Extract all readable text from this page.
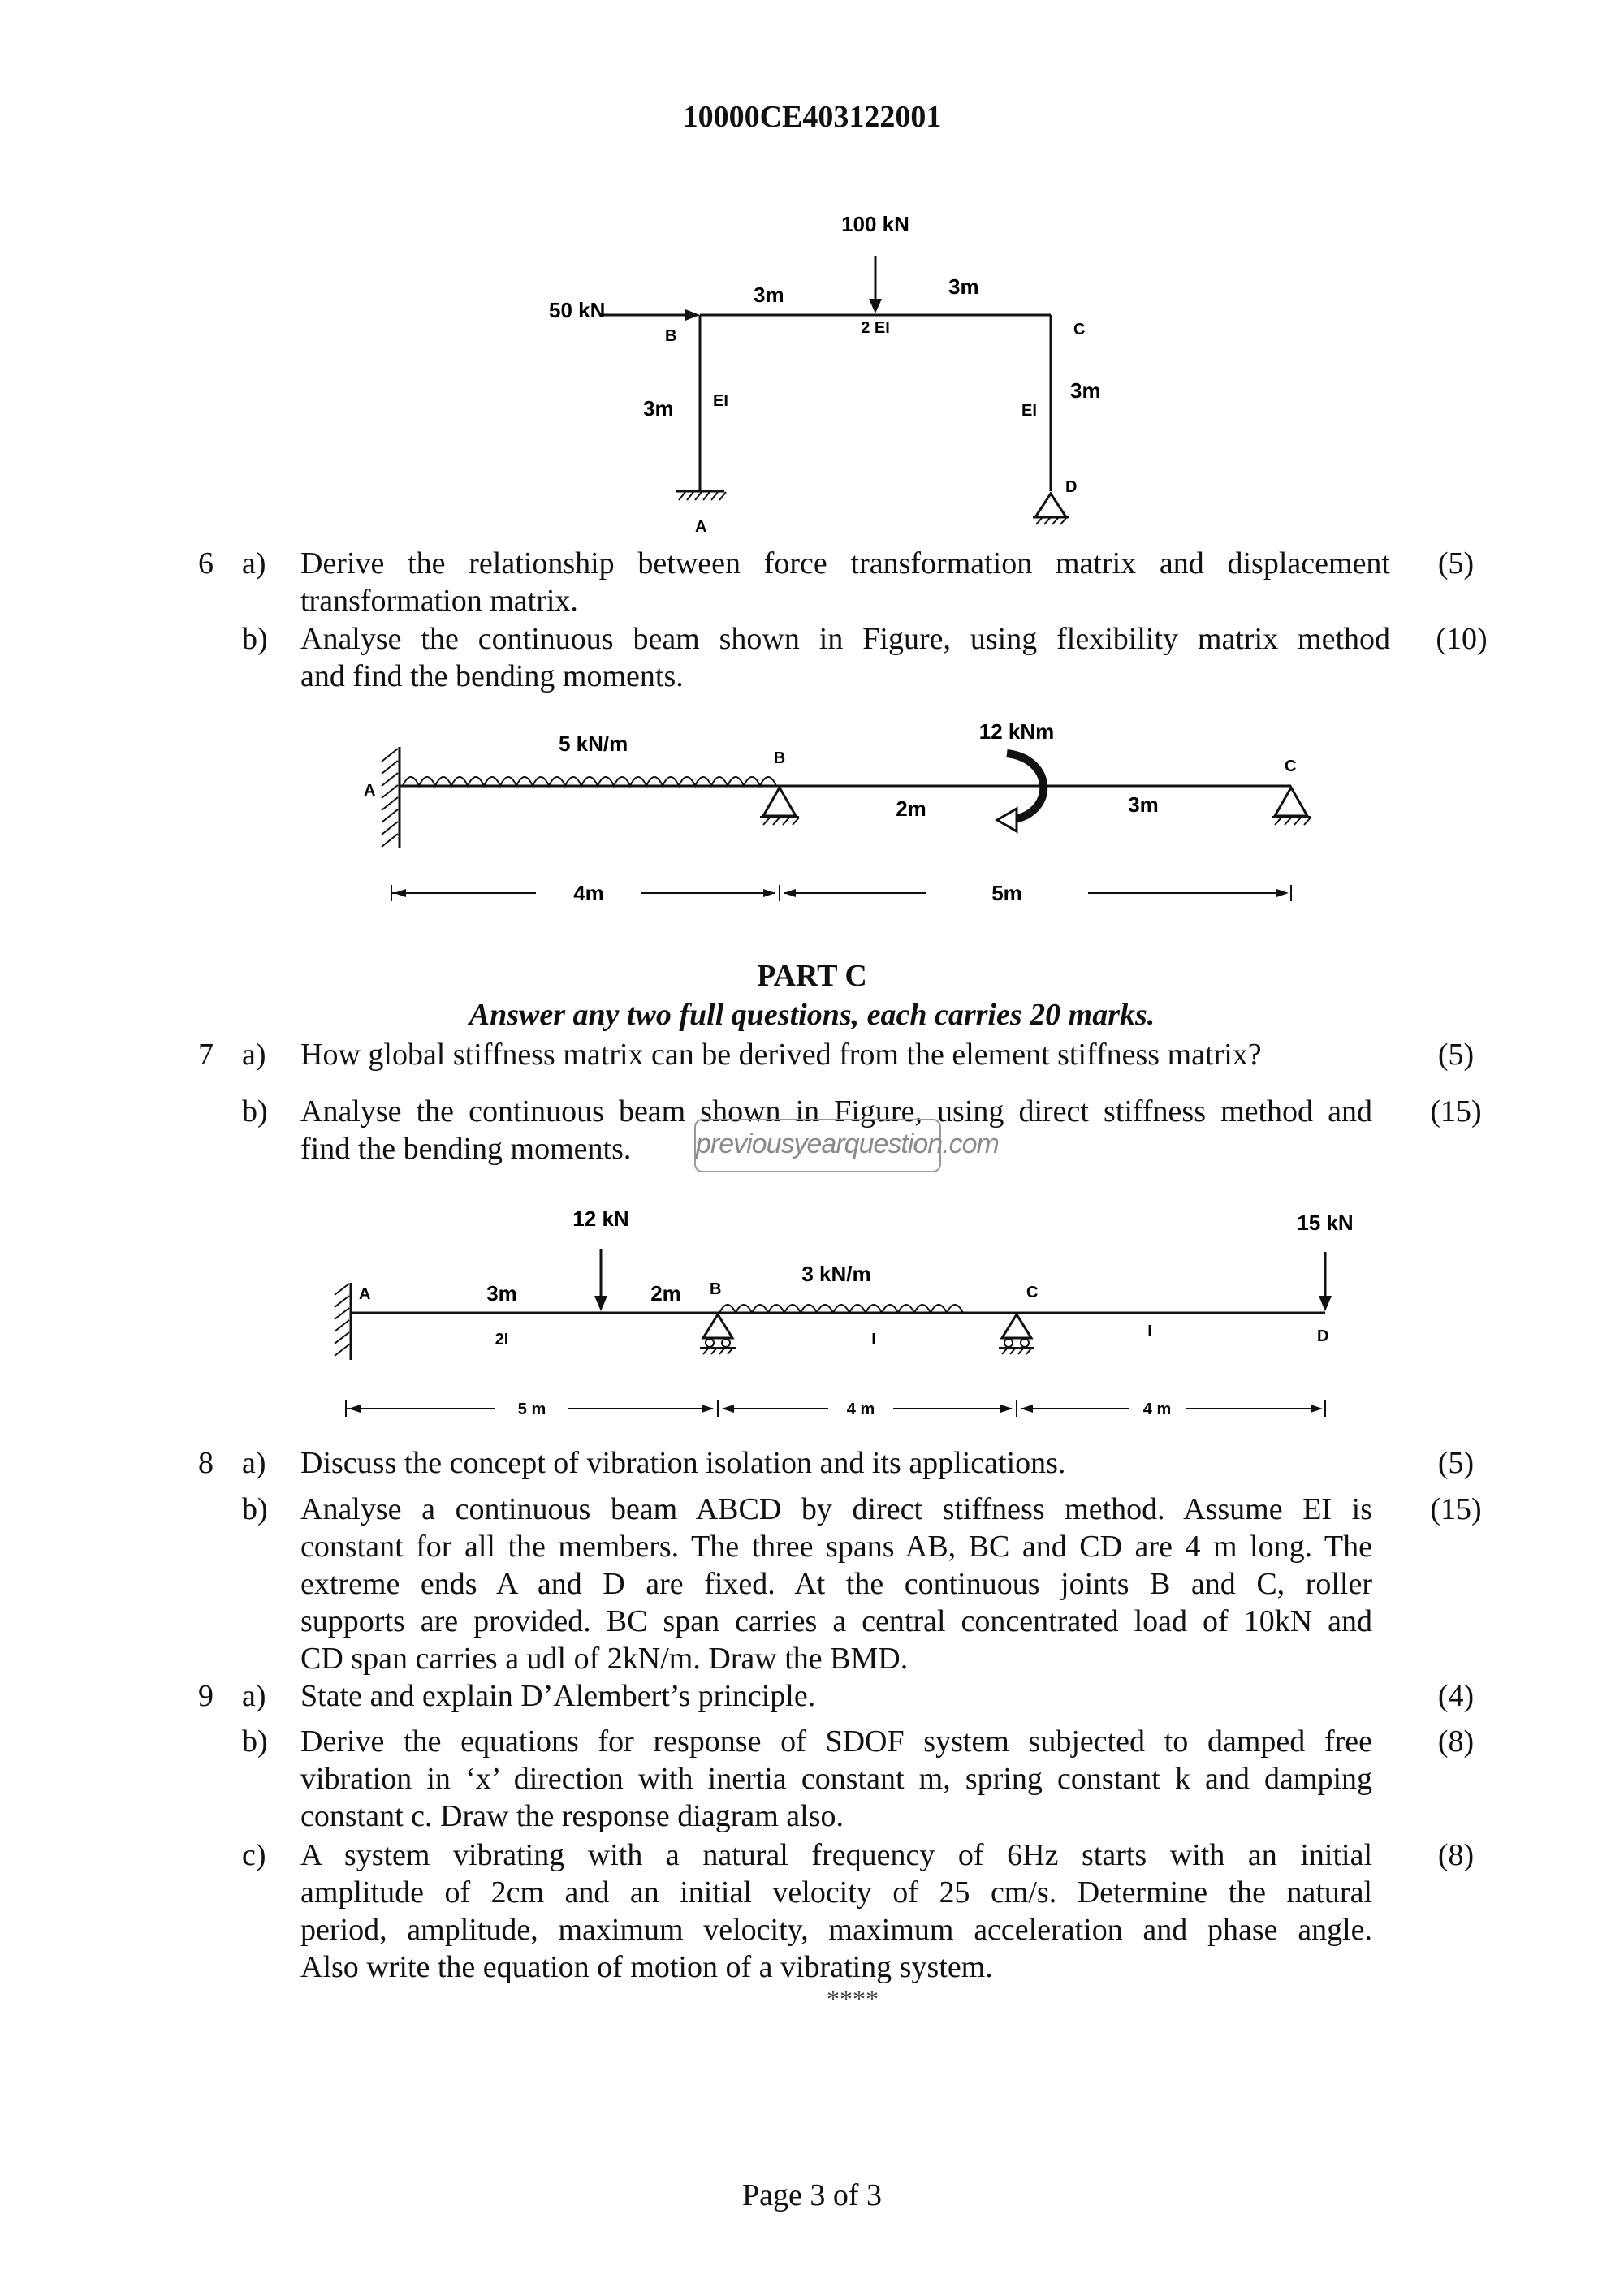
10000CE403122001
100 kN
50 kN
3m	3m
2 EI
B	C
EI
EI
3m
3m
D
A
6 a) Derive the relationship between force transformation matrix and displacement
transformation matrix.
(5)
b) Analyse the continuous beam shown in Figure, using flexibility matrix method
and find the bending moments.
(10)
A
5 kN/m
B
12 kNm
2m	3m
C
4m	5m
PART C
Answer any two full questions, each carries 20 marks.
7 a) How global stiffness matrix can be derived from the element stiffness matrix?	(5)
b) Analyse the continuous beam shown in Figure, using direct stiffness method and
find the bending moments.
(15)
previousyearquestion.com
12 kN	15 kN
3 kN/m
A	3m	2m B	C
D
2I	I	I
5 m	4 m	4 m
8 a) Discuss the concept of vibration isolation and its applications.	(5)
b) Analyse a continuous beam ABCD by direct stiffness method. Assume EI is
constant for all the members. The three spans AB, BC and CD are 4 m long. The
extreme ends A and D are fixed. At the continuous joints B and C, roller
supports are provided. BC span carries a central concentrated load of 10kN and
CD span carries a udl of 2kN/m. Draw the BMD.
(15)
9 a) State and explain D’Alembert’s principle.	(4)
b) Derive the equations for response of SDOF system subjected to damped free
vibration in ‘x’ direction with inertia constant m, spring constant k and damping
constant c. Draw the response diagram also.
(8)
c) A system vibrating with a natural frequency of 6Hz starts with an initial
amplitude of 2cm and an initial velocity of 25 cm/s. Determine the natural
period, amplitude, maximum velocity, maximum acceleration and phase angle.
Also write the equation of motion of a vibrating system.
(8)
****
Page 3 of 3
